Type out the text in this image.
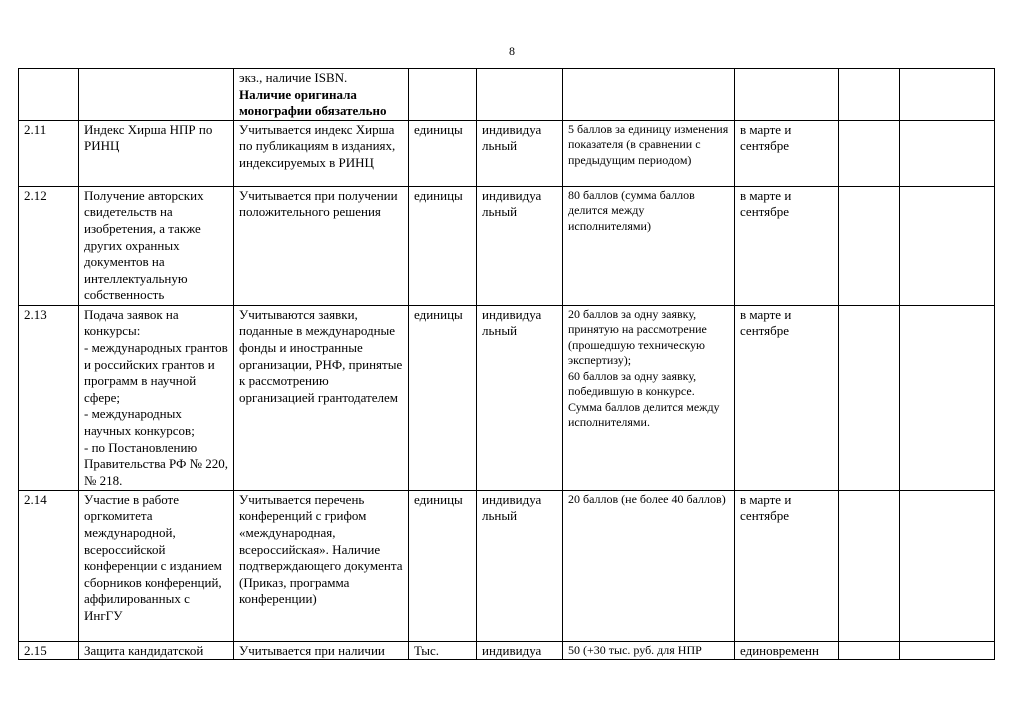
8
		экз., наличие ISBN.
Наличие оригинала монографии обязательно						
2.11	Индекс Хирша НПР по РИНЦ	Учитывается индекс Хирша по публикациям в изданиях, индексируемых в РИНЦ	единицы	индивидуа льный	5 баллов за единицу изменения показателя (в сравнении с предыдущим периодом)	в марте и сентябре		
2.12	Получение авторских свидетельств на изобретения, а также других охранных документов на интеллектуальную собственность	Учитывается при получении положительного решения	единицы	индивидуа льный	80 баллов (сумма баллов делится между исполнителями)	в марте и сентябре		
2.13	Подача заявок на конкурсы:
- международных грантов и российских грантов и программ в научной сфере;
- международных научных конкурсов;
- по Постановлению Правительства РФ № 220, № 218.	Учитываются заявки, поданные в международные фонды и иностранные организации, РНФ, принятые к рассмотрению организацией грантодателем	единицы	индивидуа льный	20 баллов за одну заявку, принятую на рассмотрение (прошедшую техническую экспертизу);
60 баллов за одну заявку, победившую в конкурсе. Сумма баллов делится между исполнителями.	в марте и сентябре		
2.14	Участие в работе оргкомитета международной, всероссийской конференции с изданием сборников конференций, аффилированных с ИнгГУ	Учитывается перечень конференций с грифом «международная, всероссийская». Наличие подтверждающего документа (Приказ, программа конференции)	единицы	индивидуа льный	20 баллов (не более 40 баллов)	в марте и сентябре		
2.15	Защита кандидатской	Учитывается при наличии	Тыс.	индивидуа	50 (+30 тыс. руб. для НПР	единовременн		
